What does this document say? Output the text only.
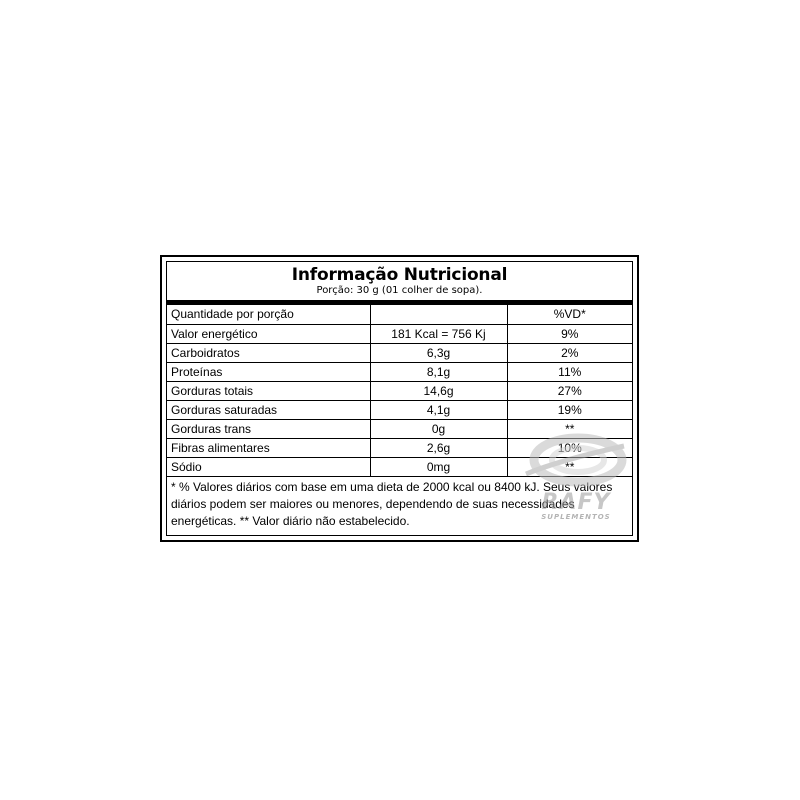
Informação Nutricional
Porção: 30 g (01 colher de sopa).
Quantidade por porção		%VD*
Valor energético	181 Kcal = 756 Kj	9%
Carboidratos	6,3g	2%
Proteínas	8,1g	11%
Gorduras totais	14,6g	27%
Gorduras saturadas	4,1g	19%
Gorduras trans	0g	**
Fibras alimentares	2,6g	10%
Sódio	0mg	**
* % Valores diários com base em uma dieta de 2000 kcal ou 8400 kJ. Seus valores diários podem ser maiores ou menores, dependendo de suas necessidades energéticas. ** Valor diário não estabelecido.
RAFY
SUPLEMENTOS
